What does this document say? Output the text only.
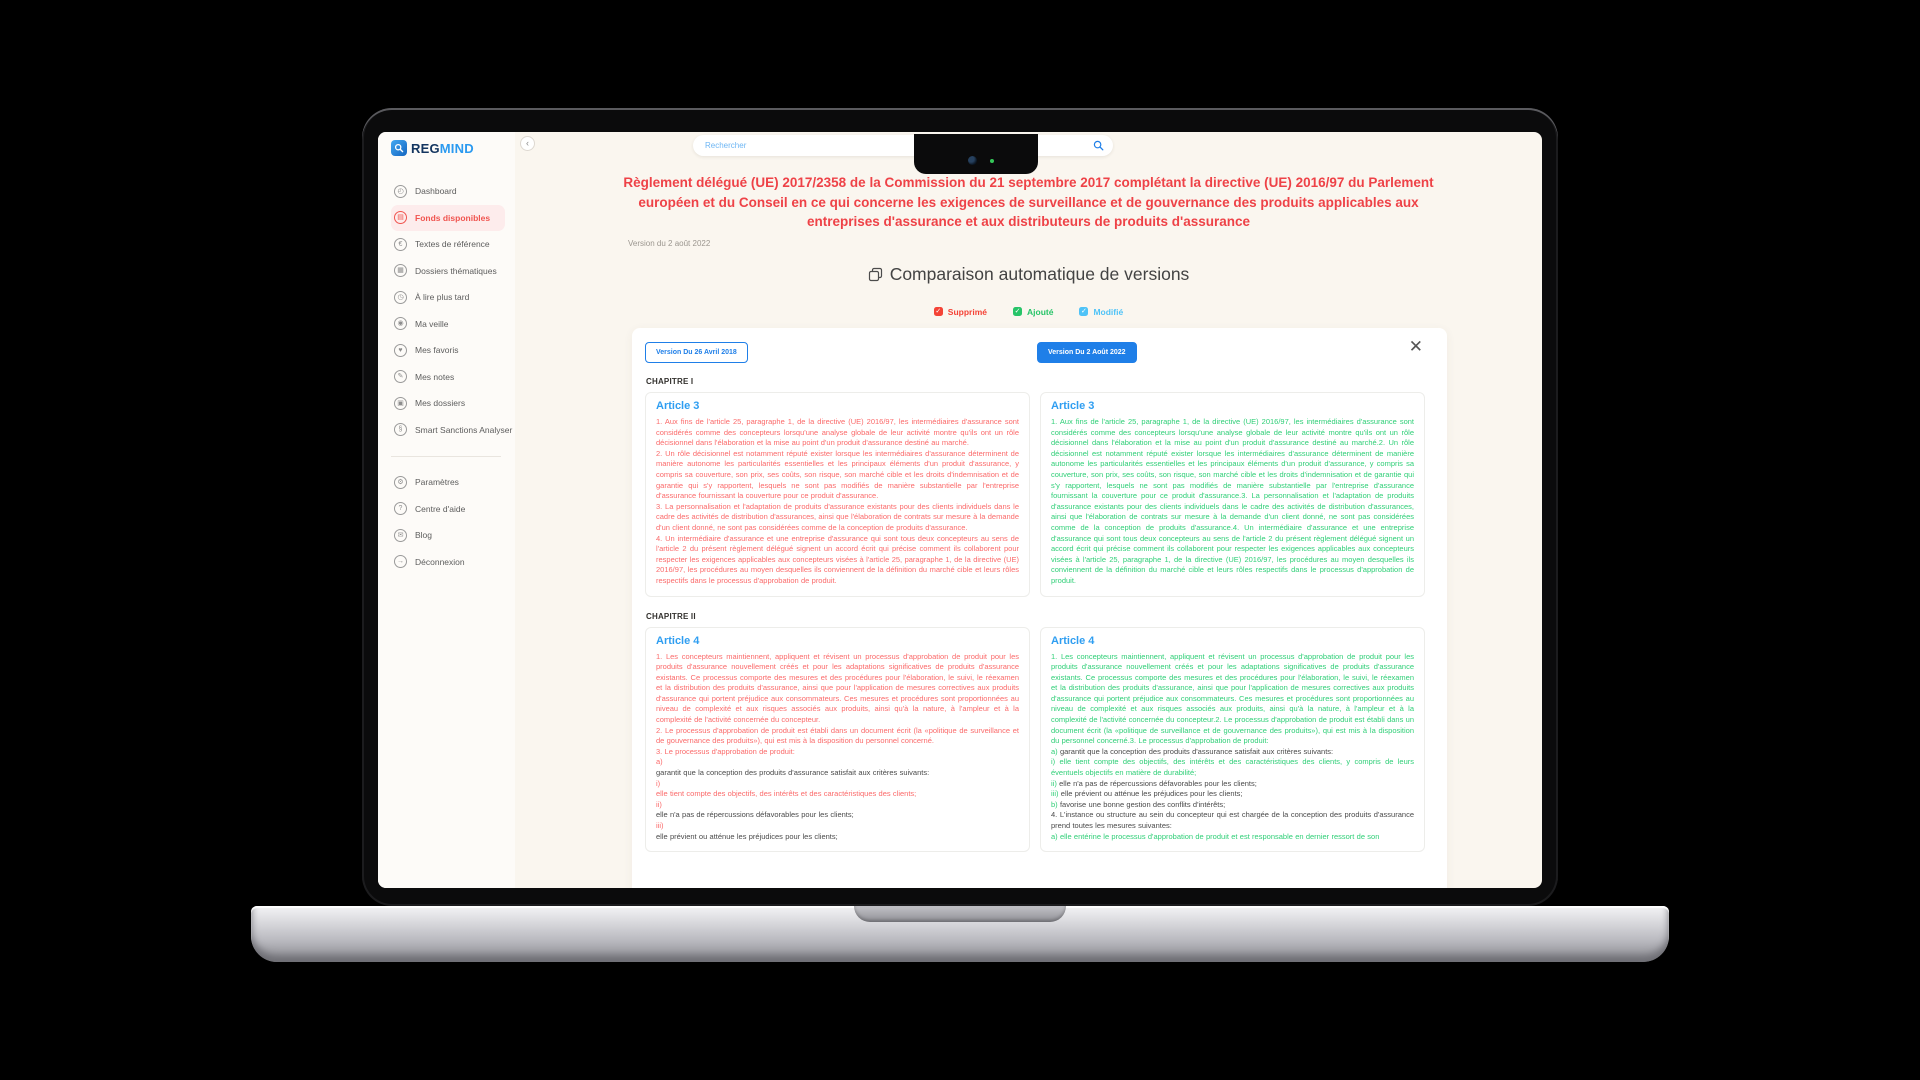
REGMIND
◴ Dashboard
▤ Fonds disponibles
€ Textes de référence
▦ Dossiers thématiques
◷ À lire plus tard
◉ Ma veille
♥ Mes favoris
✎ Mes notes
▣ Mes dossiers
§ Smart Sanctions Analyser
⚙ Paramètres
? Centre d'aide
✉ Blog
→ Déconnexion
‹
Rechercher
Règlement délégué (UE) 2017/2358 de la Commission du 21 septembre 2017 complétant la directive (UE) 2016/97 du Parlement européen et du Conseil en ce qui concerne les exigences de surveillance et de gouvernance des produits applicables aux entreprises d'assurance et aux distributeurs de produits d'assurance
Version du 2 août 2022
Comparaison automatique de versions
✓ Supprimé	✓ Ajouté	✓ Modifié
✕
Version Du 26 Avril 2018	Version Du 2 Août 2022
CHAPITRE I
Article 3
1. Aux fins de l'article 25, paragraphe 1, de la directive (UE) 2016/97, les intermédiaires d'assurance sont considérés comme des concepteurs lorsqu'une analyse globale de leur activité montre qu'ils ont un rôle décisionnel dans l'élaboration et la mise au point d'un produit d'assurance destiné au marché.
2. Un rôle décisionnel est notamment réputé exister lorsque les intermédiaires d'assurance déterminent de manière autonome les particularités essentielles et les principaux éléments d'un produit d'assurance, y compris sa couverture, son prix, ses coûts, son risque, son marché cible et les droits d'indemnisation et de garantie qui s'y rapportent, lesquels ne sont pas modifiés de manière substantielle par l'entreprise d'assurance fournissant la couverture pour ce produit d'assurance.
3. La personnalisation et l'adaptation de produits d'assurance existants pour des clients individuels dans le cadre des activités de distribution d'assurances, ainsi que l'élaboration de contrats sur mesure à la demande d'un client donné, ne sont pas considérées comme de la conception de produits d'assurance.
4. Un intermédiaire d'assurance et une entreprise d'assurance qui sont tous deux concepteurs au sens de l'article 2 du présent règlement délégué signent un accord écrit qui précise comment ils collaborent pour respecter les exigences applicables aux concepteurs visées à l'article 25, paragraphe 1, de la directive (UE) 2016/97, les procédures au moyen desquelles ils conviennent de la définition du marché cible et leurs rôles respectifs dans le processus d'approbation de produit.
Article 3
1. Aux fins de l'article 25, paragraphe 1, de la directive (UE) 2016/97, les intermédiaires d'assurance sont considérés comme des concepteurs lorsqu'une analyse globale de leur activité montre qu'ils ont un rôle décisionnel dans l'élaboration et la mise au point d'un produit d'assurance destiné au marché.2. Un rôle décisionnel est notamment réputé exister lorsque les intermédiaires d'assurance déterminent de manière autonome les particularités essentielles et les principaux éléments d'un produit d'assurance, y compris sa couverture, son prix, ses coûts, son risque, son marché cible et les droits d'indemnisation et de garantie qui s'y rapportent, lesquels ne sont pas modifiés de manière substantielle par l'entreprise d'assurance fournissant la couverture pour ce produit d'assurance.3. La personnalisation et l'adaptation de produits d'assurance existants pour des clients individuels dans le cadre des activités de distribution d'assurances, ainsi que l'élaboration de contrats sur mesure à la demande d'un client donné, ne sont pas considérées comme de la conception de produits d'assurance.4. Un intermédiaire d'assurance et une entreprise d'assurance qui sont tous deux concepteurs au sens de l'article 2 du présent règlement délégué signent un accord écrit qui précise comment ils collaborent pour respecter les exigences applicables aux concepteurs visées à l'article 25, paragraphe 1, de la directive (UE) 2016/97, les procédures au moyen desquelles ils conviennent de la définition du marché cible et leurs rôles respectifs dans le processus d'approbation de produit.
CHAPITRE II
Article 4
1. Les concepteurs maintiennent, appliquent et révisent un processus d'approbation de produit pour les produits d'assurance nouvellement créés et pour les adaptations significatives de produits d'assurance existants. Ce processus comporte des mesures et des procédures pour l'élaboration, le suivi, le réexamen et la distribution des produits d'assurance, ainsi que pour l'application de mesures correctives aux produits d'assurance qui portent préjudice aux consommateurs. Ces mesures et procédures sont proportionnées au niveau de complexité et aux risques associés aux produits, ainsi qu'à la nature, à l'ampleur et à la complexité de l'activité concernée du concepteur.
2. Le processus d'approbation de produit est établi dans un document écrit (la «politique de surveillance et de gouvernance des produits»), qui est mis à la disposition du personnel concerné.
3. Le processus d'approbation de produit:
a)
garantit que la conception des produits d'assurance satisfait aux critères suivants:
i)
elle tient compte des objectifs, des intérêts et des caractéristiques des clients;
ii)
elle n'a pas de répercussions défavorables pour les clients;
iii)
elle prévient ou atténue les préjudices pour les clients;
Article 4
1. Les concepteurs maintiennent, appliquent et révisent un processus d'approbation de produit pour les produits d'assurance nouvellement créés et pour les adaptations significatives de produits d'assurance existants. Ce processus comporte des mesures et des procédures pour l'élaboration, le suivi, le réexamen et la distribution des produits d'assurance, ainsi que pour l'application de mesures correctives aux produits d'assurance qui portent préjudice aux consommateurs. Ces mesures et procédures sont proportionnées au niveau de complexité et aux risques associés aux produits, ainsi qu'à la nature, à l'ampleur et à la complexité de l'activité concernée du concepteur.2. Le processus d'approbation de produit est établi dans un document écrit (la «politique de surveillance et de gouvernance des produits»), qui est mis à la disposition du personnel concerné.3. Le processus d'approbation de produit:
a) garantit que la conception des produits d'assurance satisfait aux critères suivants:
i) elle tient compte des objectifs, des intérêts et des caractéristiques des clients, y compris de leurs éventuels objectifs en matière de durabilité;
ii) elle n'a pas de répercussions défavorables pour les clients;
iii) elle prévient ou atténue les préjudices pour les clients;
b) favorise une bonne gestion des conflits d'intérêts;
4. L'instance ou structure au sein du concepteur qui est chargée de la conception des produits d'assurance prend toutes les mesures suivantes:
a) elle entérine le processus d'approbation de produit et est responsable en dernier ressort de son
